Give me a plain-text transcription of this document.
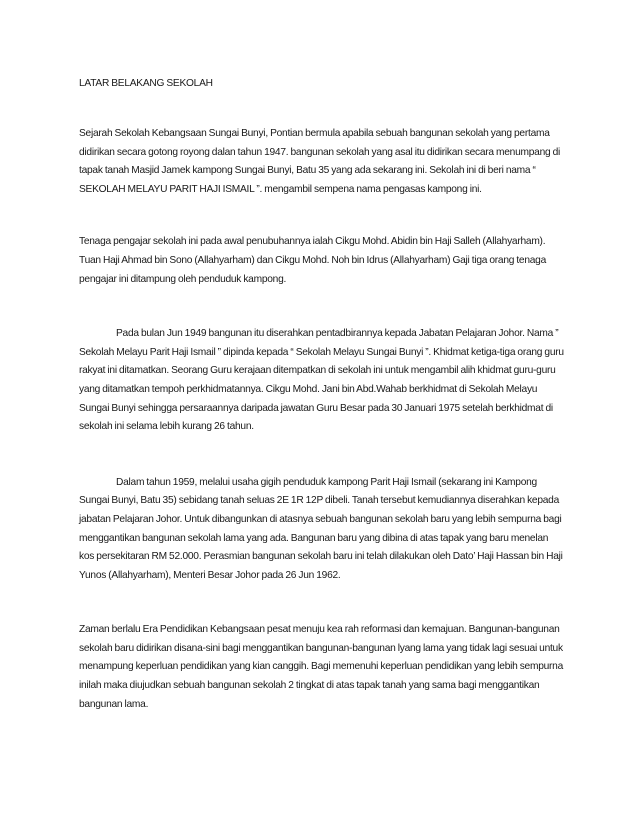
LATAR BELAKANG SEKOLAH

Sejarah Sekolah Kebangsaan Sungai Bunyi, Pontian bermula apabila sebuah bangunan sekolah yang pertama didirikan secara gotong royong dalan tahun 1947. bangunan sekolah yang asal itu didirikan secara menumpang di tapak tanah Masjid Jamek kampong Sungai Bunyi, Batu 35 yang ada sekarang ini. Sekolah ini di beri nama “ SEKOLAH MELAYU PARIT HAJI ISMAIL ”. mengambil sempena nama pengasas kampong ini.

Tenaga pengajar sekolah ini pada awal penubuhannya ialah Cikgu Mohd. Abidin bin Haji Salleh (Allahyarham). Tuan Haji Ahmad bin Sono (Allahyarham) dan Cikgu Mohd. Noh bin Idrus (Allahyarham) Gaji tiga orang tenaga pengajar ini ditampung oleh penduduk kampong.

Pada bulan Jun 1949 bangunan itu diserahkan pentadbirannya kepada Jabatan Pelajaran Johor. Nama ” Sekolah Melayu Parit Haji Ismail ” dipinda kepada “ Sekolah Melayu Sungai Bunyi ”. Khidmat ketiga-tiga orang guru rakyat ini ditamatkan. Seorang Guru kerajaan ditempatkan di sekolah ini untuk mengambil alih khidmat guru-guru yang ditamatkan tempoh perkhidmatannya. Cikgu Mohd. Jani bin Abd.Wahab berkhidmat di Sekolah Melayu Sungai Bunyi sehingga persaraannya daripada jawatan Guru Besar pada 30 Januari 1975 setelah berkhidmat di sekolah ini selama lebih kurang 26 tahun.

Dalam tahun 1959, melalui usaha gigih penduduk kampong Parit Haji Ismail (sekarang ini Kampong Sungai Bunyi, Batu 35) sebidang tanah seluas 2E 1R 12P dibeli. Tanah tersebut kemudiannya diserahkan kepada jabatan Pelajaran Johor. Untuk dibangunkan di atasnya sebuah bangunan sekolah baru yang lebih sempurna bagi menggantikan bangunan sekolah lama yang ada. Bangunan baru yang dibina di atas tapak yang baru menelan kos persekitaran RM 52.000. Perasmian bangunan sekolah baru ini telah dilakukan oleh Dato’ Haji Hassan bin Haji Yunos (Allahyarham), Menteri Besar Johor pada 26 Jun 1962.

Zaman berlalu Era Pendidikan Kebangsaan pesat menuju kea rah reformasi dan kemajuan. Bangunan-bangunan sekolah baru didirikan disana-sini bagi menggantikan bangunan-bangunan lyang lama yang tidak lagi sesuai untuk menampung keperluan pendidikan yang kian canggih. Bagi memenuhi keperluan pendidikan yang lebih sempurna inilah maka diujudkan sebuah bangunan sekolah 2 tingkat di atas tapak tanah yang sama bagi menggantikan bangunan lama.
